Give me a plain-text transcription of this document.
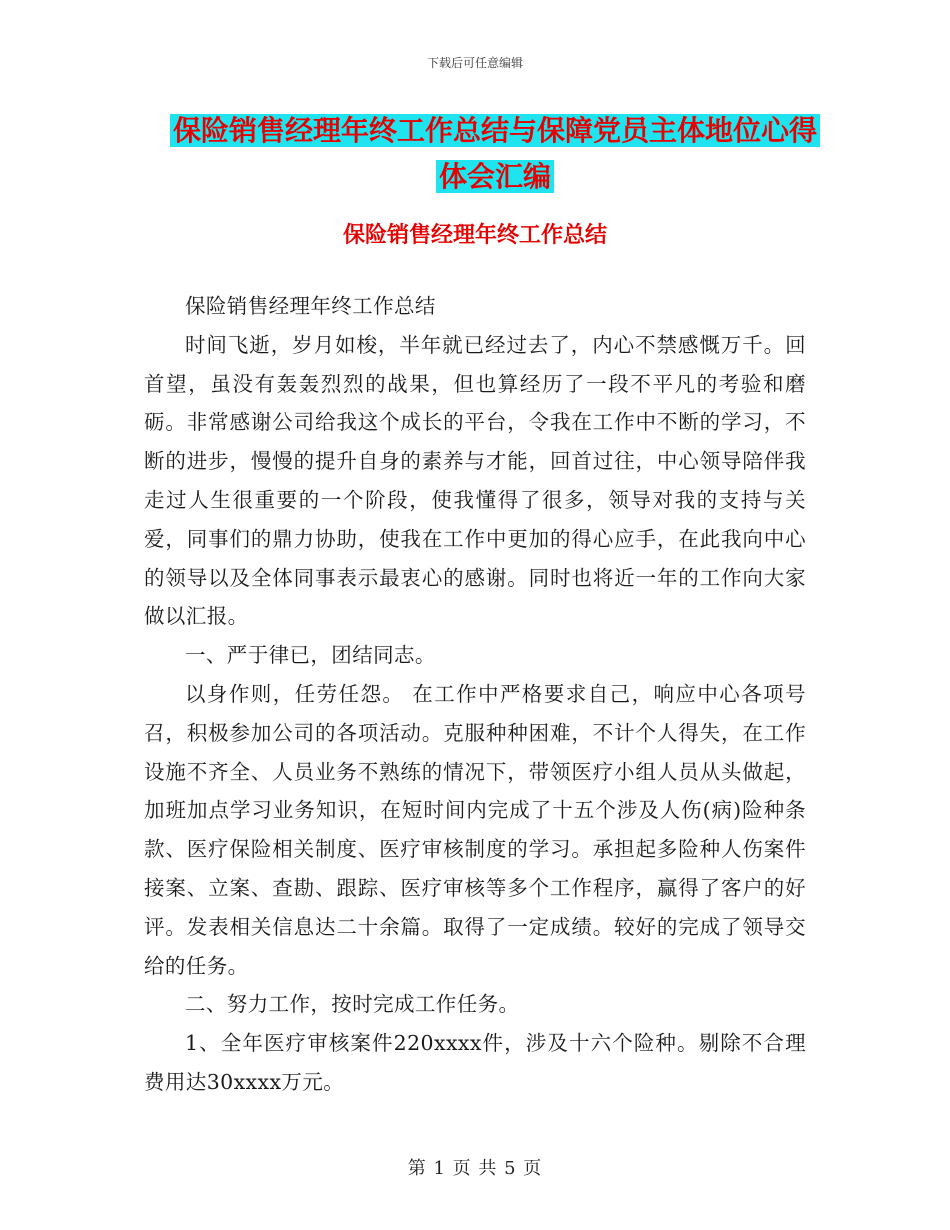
下载后可任意编辑
保险销售经理年终工作总结与保障党员主体地位心得
体会汇编
保险销售经理年终工作总结

保险销售经理年终工作总结

时间飞逝，岁月如梭，半年就已经过去了，内心不禁感慨万千。回首望，虽没有轰轰烈烈的战果，但也算经历了一段不平凡的考验和磨砺。非常感谢公司给我这个成长的平台，令我在工作中不断的学习，不断的进步，慢慢的提升自身的素养与才能，回首过往，中心领导陪伴我走过人生很重要的一个阶段，使我懂得了很多，领导对我的支持与关爱，同事们的鼎力协助，使我在工作中更加的得心应手，在此我向中心的领导以及全体同事表示最衷心的感谢。同时也将近一年的工作向大家做以汇报。

一、严于律已，团结同志。

以身作则，任劳任怨。 在工作中严格要求自己，响应中心各项号召，积极参加公司的各项活动。克服种种困难，不计个人得失，在工作设施不齐全、人员业务不熟练的情况下，带领医疗小组人员从头做起，加班加点学习业务知识，在短时间内完成了十五个涉及人伤(病)险种条款、医疗保险相关制度、医疗审核制度的学习。承担起多险种人伤案件接案、立案、查勘、跟踪、医疗审核等多个工作程序，赢得了客户的好评。发表相关信息达二十余篇。取得了一定成绩。较好的完成了领导交给的任务。

二、努力工作，按时完成工作任务。

1、全年医疗审核案件220xxxx件，涉及十六个险种。剔除不合理费用达30xxxx万元。

第 1 页 共 5 页
